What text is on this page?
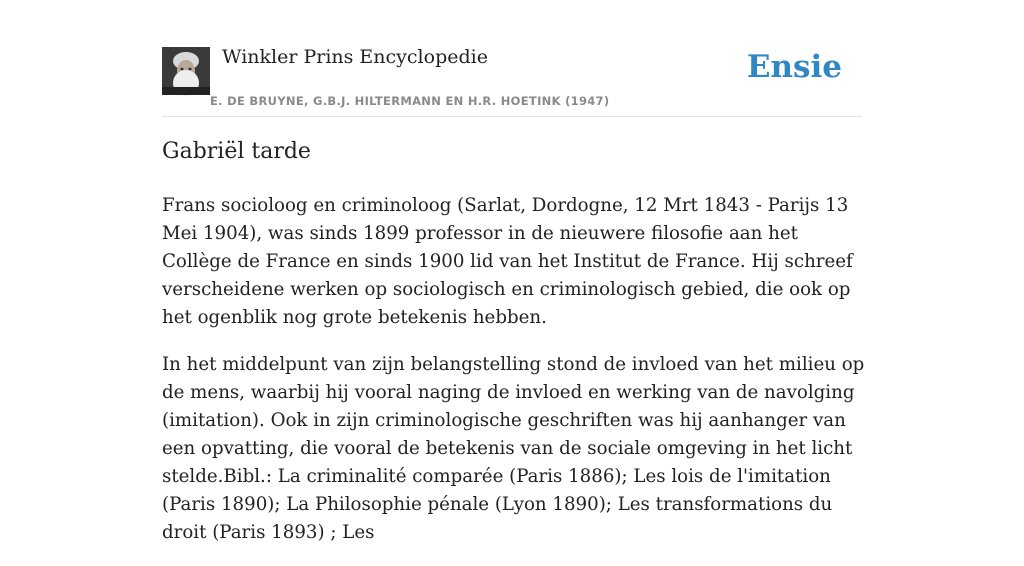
Winkler Prins Encyclopedie
E. DE BRUYNE, G.B.J. HILTERMANN EN H.R. HOETINK (1947)
Ensie
Gabriël tarde

Frans socioloog en criminoloog (Sarlat, Dordogne, 12 Mrt 1843 - Parijs 13 Mei 1904), was sinds 1899 professor in de nieuwere filosofie aan het Collège de France en sinds 1900 lid van het Institut de France. Hij schreef verscheidene werken op sociologisch en criminologisch gebied, die ook op het ogenblik nog grote betekenis hebben.

In het middelpunt van zijn belangstelling stond de invloed van het milieu op de mens, waarbij hij vooral naging de invloed en werking van de navolging (imitation). Ook in zijn criminologische geschriften was hij aanhanger van een opvatting, die vooral de betekenis van de sociale omgeving in het licht stelde.Bibl.: La criminalité comparée (Paris 1886); Les lois de l'imitation (Paris 1890); La Philosophie pénale (Lyon 1890); Les transformations du droit (Paris 1893) ; Les
